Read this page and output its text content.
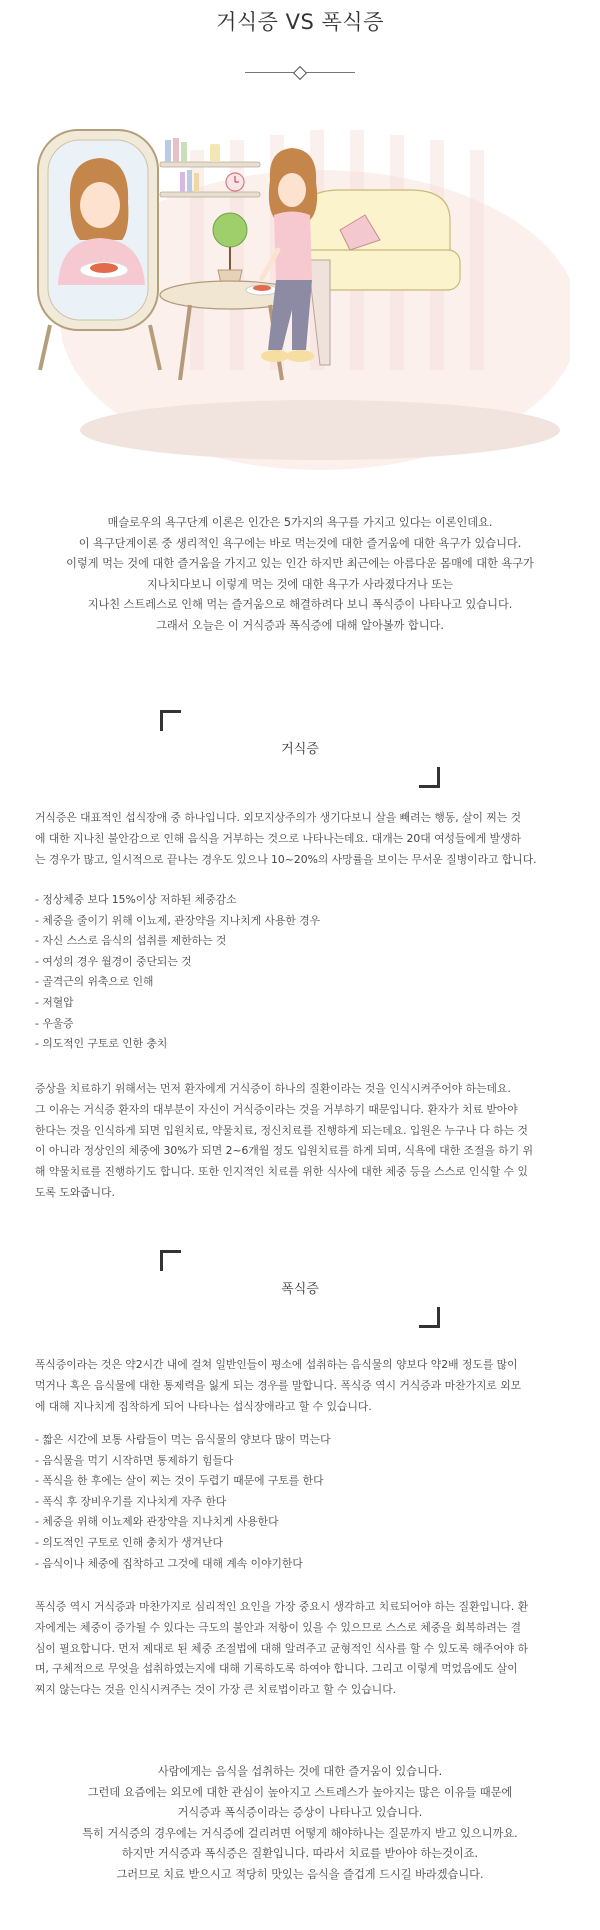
거식증 VS 폭식증

매슬로우의 욕구단계 이론은 인간은 5가지의 욕구를 가지고 있다는 이론인데요.

이 욕구단계이론 중 생리적인 욕구에는 바로 먹는것에 대한 즐거움에 대한 욕구가 있습니다.

이렇게 먹는 것에 대한 즐거움을 가지고 있는 인간 하지만 최근에는 아름다운 몸매에 대한 욕구가

지나치다보니 이렇게 먹는 것에 대한 욕구가 사라졌다거나 또는

지나친 스트레스로 인해 먹는 즐거움으로 해결하려다 보니 폭식증이 나타나고 있습니다.

그래서 오늘은 이 거식증과 폭식증에 대해 알아볼까 합니다.

거식증

거식증은 대표적인 섭식장애 중 하나입니다. 외모지상주의가 생기다보니 살을 빼려는 행동, 살이 찌는 것

에 대한 지나친 불안감으로 인해 음식을 거부하는 것으로 나타나는데요. 대개는 20대 여성들에게 발생하

는 경우가 많고, 일시적으로 끝나는 경우도 있으나 10~20%의 사망률을 보이는 무서운 질병이라고 합니다.

- 정상체중 보다 15%이상 저하된 체중감소
- 체중을 줄이기 위해 이뇨제, 관장약을 지나치게 사용한 경우
- 자신 스스로 음식의 섭취를 제한하는 것
- 여성의 경우 월경이 중단되는 것
- 골격근의 위축으로 인해
- 저혈압
- 우울증
- 의도적인 구토로 인한 충치

증상을 치료하기 위해서는 먼저 환자에게 거식증이 하나의 질환이라는 것을 인식시켜주어야 하는데요.

그 이유는 거식증 환자의 대부분이 자신이 거식증이라는 것을 거부하기 때문입니다. 환자가 치료 받아야

한다는 것을 인식하게 되면 입원치료, 약물치료, 정신치료를 진행하게 되는데요. 입원은 누구나 다 하는 것

이 아니라 정상인의 체중에 30%가 되면 2~6개월 정도 입원치료를 하게 되며, 식욕에 대한 조절을 하기 위

해 약물치료를 진행하기도 합니다. 또한 인지적인 치료를 위한 식사에 대한 체중 등을 스스로 인식할 수 있

도록 도와줍니다.

폭식증

폭식증이라는 것은 약2시간 내에 걸쳐 일반인들이 평소에 섭취하는 음식물의 양보다 약2배 정도를 많이

먹거나 혹은 음식물에 대한 통제력을 잃게 되는 경우를 말합니다. 폭식증 역시 거식증과 마찬가지로 외모

에 대해 지나치게 집착하게 되어 나타나는 섭식장애라고 할 수 있습니다.

- 짧은 시간에 보통 사람들이 먹는 음식물의 양보다 많이 먹는다
- 음식물을 먹기 시작하면 통제하기 힘들다
- 폭식을 한 후에는 살이 찌는 것이 두렵기 때문에 구토를 한다
- 폭식 후 장비우기를 지나치게 자주 한다
- 체중을 위해 이뇨제와 관장약을 지나치게 사용한다
- 의도적인 구토로 인해 충치가 생겨난다
- 음식이나 체중에 집착하고 그것에 대해 계속 이야기한다

폭식증 역시 거식증과 마찬가지로 심리적인 요인을 가장 중요시 생각하고 치료되어야 하는 질환입니다. 환

자에게는 체중이 증가될 수 있다는 극도의 불안과 저항이 있을 수 있으므로 스스로 체중을 회복하려는 결

심이 필요합니다. 먼저 제대로 된 체중 조절법에 대해 알려주고 균형적인 식사를 할 수 있도록 해주어야 하

며, 구체적으로 무엇을 섭취하였는지에 대해 기록하도록 하여야 합니다. 그리고 이렇게 먹었음에도 살이

찌지 않는다는 것을 인식시켜주는 것이 가장 큰 치료법이라고 할 수 있습니다.

사람에게는 음식을 섭취하는 것에 대한 즐거움이 있습니다.

그런데 요즘에는 외모에 대한 관심이 높아지고 스트레스가 높아지는 많은 이유들 때문에

거식증과 폭식증이라는 증상이 나타나고 있습니다.

특히 거식증의 경우에는 거식증에 걸리려면 어떻게 해야하나는 질문까지 받고 있으니까요.

하지만 거식증과 폭식증은 질환입니다. 따라서 치료를 받아야 하는것이죠.

그러므로 치료 받으시고 적당히 맛있는 음식을 즐겁게 드시길 바라겠습니다.
